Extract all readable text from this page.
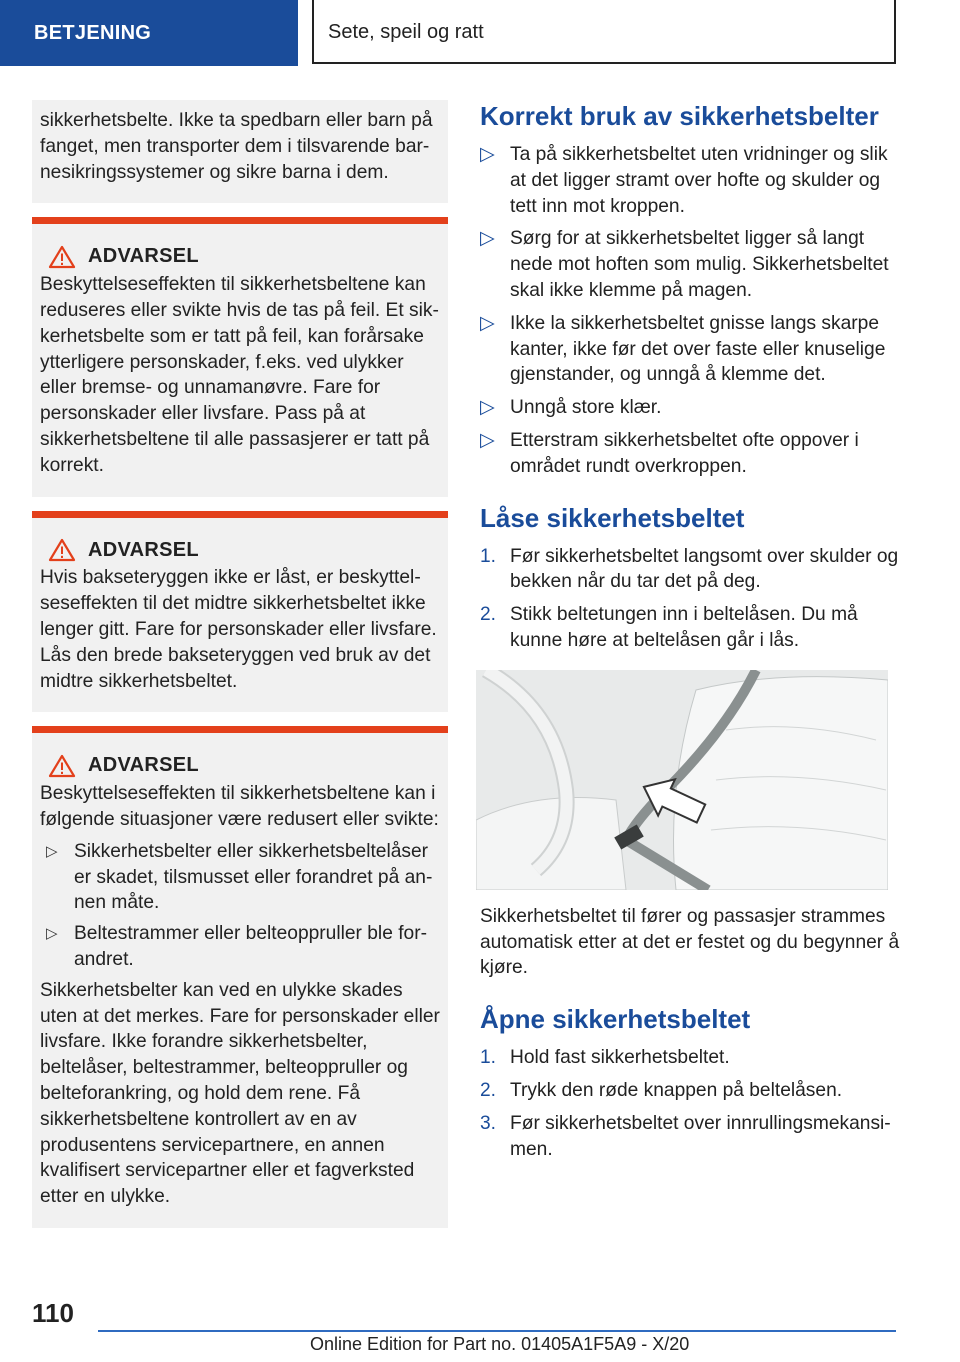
BETJENING	Sete, speil og ratt

sikkerhetsbelte. Ikke ta spedbarn eller barn på fanget, men transporter dem i tilsvarende barnesikringssystemer og sikre barna i dem.

ADVARSEL

Beskyttelseseffekten til sikkerhetsbeltene kan reduseres eller svikte hvis de tas på feil. Et sikkerhetsbelte som er tatt på feil, kan forårsake ytterligere personskader, f.eks. ved ulykker eller bremse- og unnamanøvre. Fare for personskader eller livsfare. Pass på at sikkerhetsbeltene til alle passasjerer er tatt på korrekt.

ADVARSEL

Hvis bakseteryggen ikke er låst, er beskyttelseseffekten til det midtre sikkerhetsbeltet ikke lenger gitt. Fare for personskader eller livsfare. Lås den brede bakseteryggen ved bruk av det midtre sikkerhetsbeltet.

ADVARSEL

Beskyttelseseffekten til sikkerhetsbeltene kan i følgende situasjoner være redusert eller svikte:

▷ Sikkerhetsbelter eller sikkerhetsbeltelåser er skadet, tilsmusset eller forandret på annen måte.
▷ Beltestrammer eller belteoppruller ble forandret.

Sikkerhetsbelter kan ved en ulykke skades uten at det merkes. Fare for personskader eller livsfare. Ikke forandre sikkerhetsbelter, beltelåser, beltestrammer, belteoppruller og belteforankring, og hold dem rene. Få sikkerhetsbeltene kontrollert av en av produsentens servicepartnere, en annen kvalifisert servicepartner eller et fagverksted etter en ulykke.

Korrekt bruk av sikkerhetsbelter
▷ Ta på sikkerhetsbeltet uten vridninger og slik at det ligger stramt over hofte og skulder og tett inn mot kroppen.
▷ Sørg for at sikkerhetsbeltet ligger så langt nede mot hoften som mulig. Sikkerhetsbeltet skal ikke klemme på magen.
▷ Ikke la sikkerhetsbeltet gnisse langs skarpe kanter, ikke før det over faste eller knuselige gjenstander, og unngå å klemme det.
▷ Unngå store klær.
▷ Etterstram sikkerhetsbeltet ofte oppover i området rundt overkroppen.
Låse sikkerhetsbeltet
1. Før sikkerhetsbeltet langsomt over skulder og bekken når du tar det på deg.
2. Stikk beltetungen inn i beltelåsen. Du må kunne høre at beltelåsen går i lås.

Sikkerhetsbeltet til fører og passasjer strammes automatisk etter at det er festet og du begynner å kjøre.

Åpne sikkerhetsbeltet
1. Hold fast sikkerhetsbeltet.
2. Trykk den røde knappen på beltelåsen.
3. Før sikkerhetsbeltet over innrullingsmekansimen.
110
Online Edition for Part no. 01405A1F5A9 - X/20
